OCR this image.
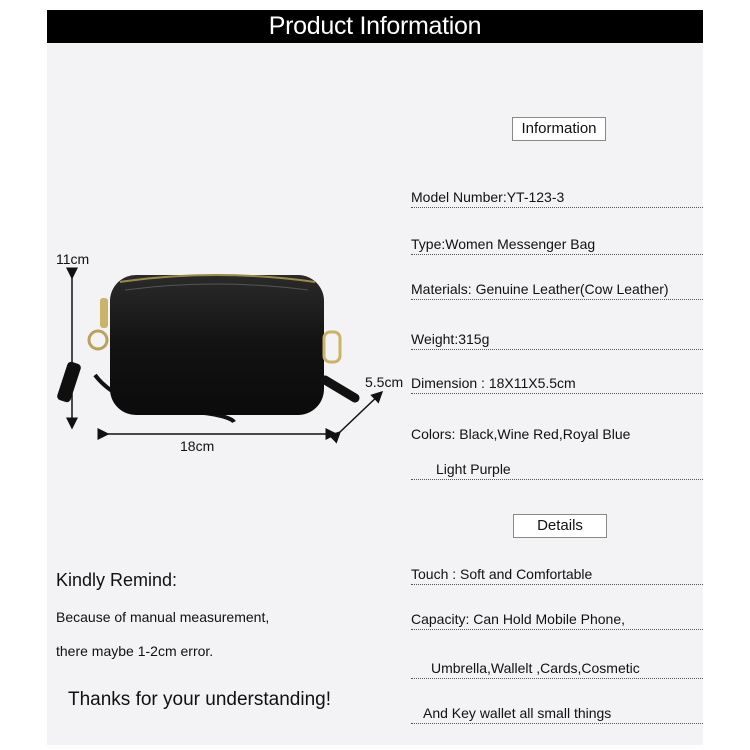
Product Information
11cm
18cm
5.5cm
Information
Model Number:YT-123-3
Type:Women Messenger Bag
Materials: Genuine Leather(Cow Leather)
Weight:315g
Dimension : 18X11X5.5cm
Colors: Black,Wine Red,Royal Blue
Light Purple
Details
Touch : Soft and Comfortable
Capacity: Can Hold Mobile Phone,
Umbrella,Wallelt ,Cards,Cosmetic
And Key wallet all small things
Kindly Remind:
Because of manual measurement,
there maybe 1-2cm error.
Thanks for your understanding!
